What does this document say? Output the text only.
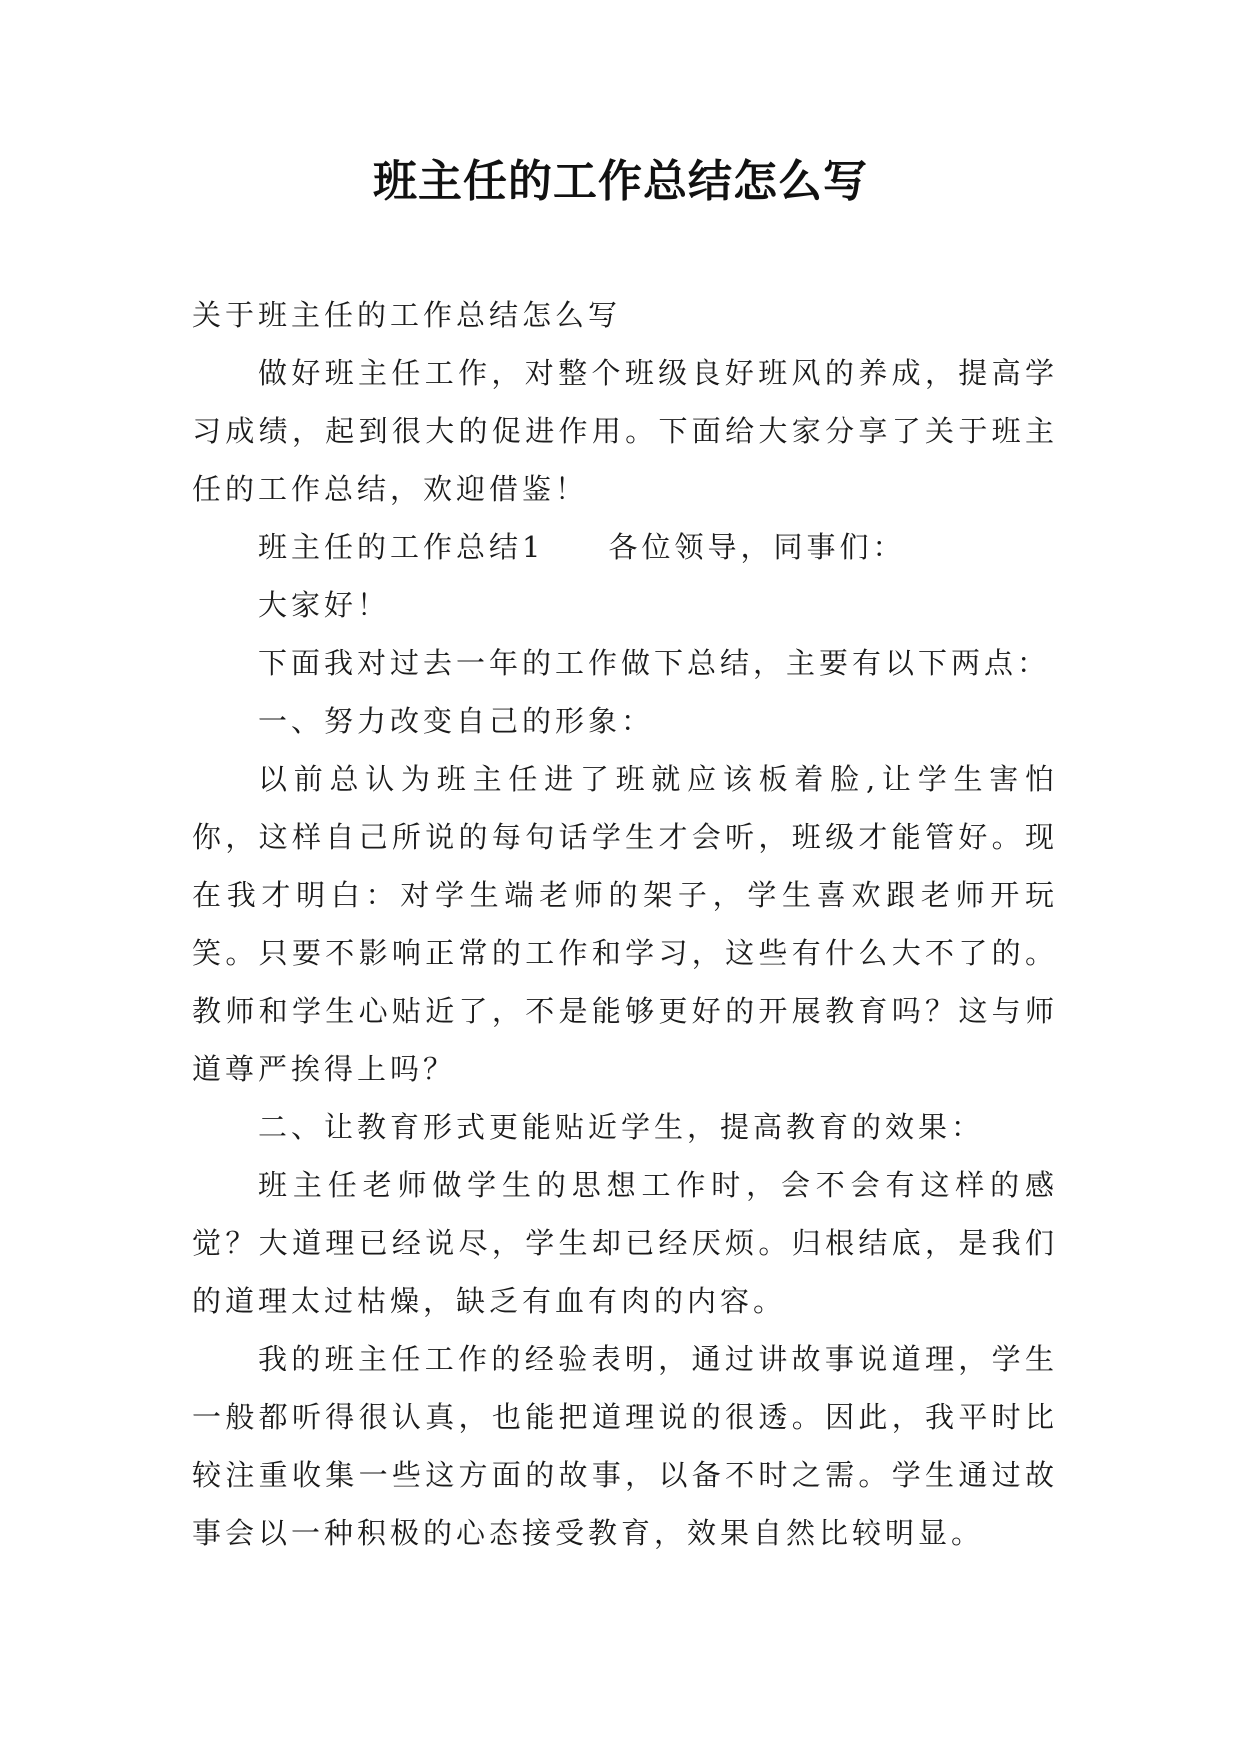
班主任的工作总结怎么写

关于班主任的工作总结怎么写

做好班主任工作，对整个班级良好班风的养成，提高学习成绩，起到很大的促进作用。下面给大家分享了关于班主任的工作总结，欢迎借鉴！

班主任的工作总结1 各位领导，同事们：

大家好！

下面我对过去一年的工作做下总结，主要有以下两点：

一、努力改变自己的形象：

以前总认为班主任进了班就应该板着脸,让学生害怕你，这样自己所说的每句话学生才会听，班级才能管好。现在我才明白：对学生端老师的架子，学生喜欢跟老师开玩笑。只要不影响正常的工作和学习，这些有什么大不了的。教师和学生心贴近了，不是能够更好的开展教育吗？这与师道尊严挨得上吗？

二、让教育形式更能贴近学生，提高教育的效果：

班主任老师做学生的思想工作时，会不会有这样的感觉？大道理已经说尽，学生却已经厌烦。归根结底，是我们的道理太过枯燥，缺乏有血有肉的内容。

我的班主任工作的经验表明，通过讲故事说道理，学生一般都听得很认真，也能把道理说的很透。因此，我平时比较注重收集一些这方面的故事，以备不时之需。学生通过故事会以一种积极的心态接受教育，效果自然比较明显。
